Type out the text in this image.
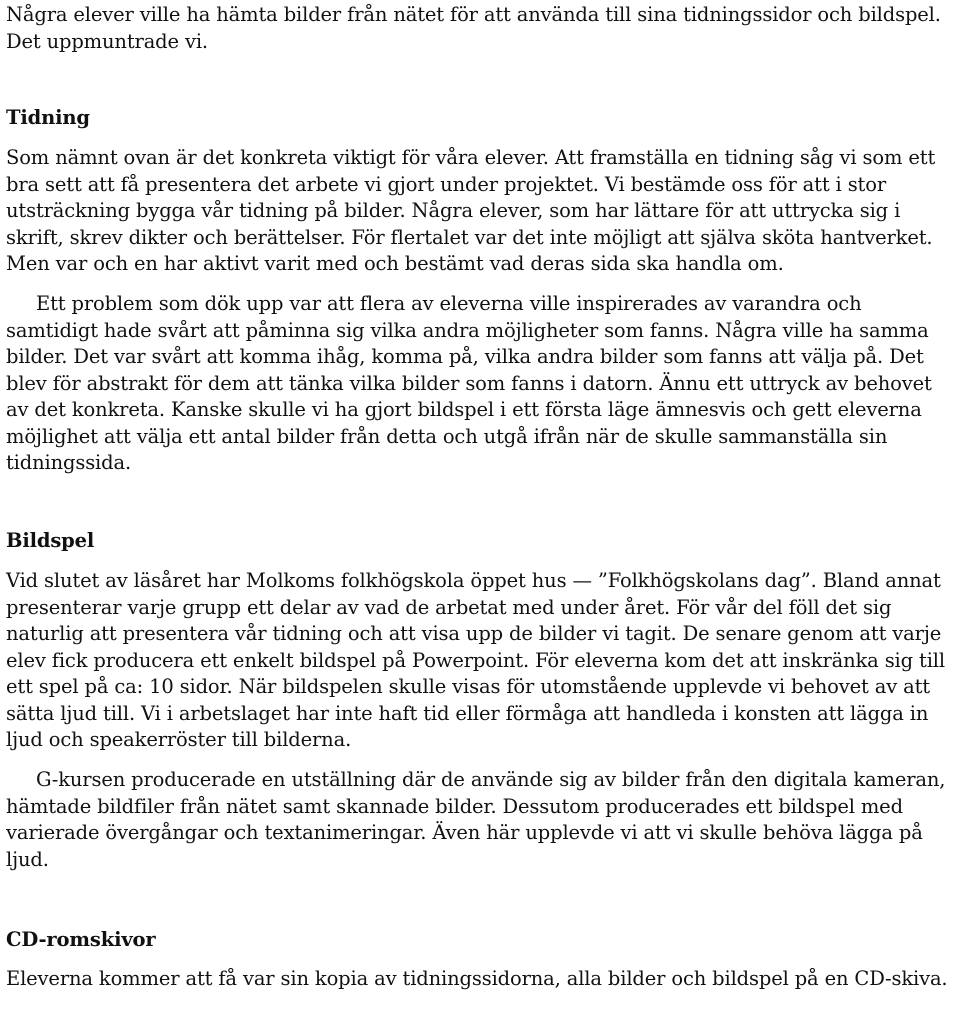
Några elever ville ha hämta bilder från nätet för att använda till sina tidningssidor och bildspel. Det uppmuntrade vi.

Tidning

Som nämnt ovan är det konkreta viktigt för våra elever. Att framställa en tidning såg vi som ett bra sett att få presentera det arbete vi gjort under projektet. Vi bestämde oss för att i stor utsträckning bygga vår tidning på bilder. Några elever, som har lättare för att uttrycka sig i skrift, skrev dikter och berättelser. För flertalet var det inte möjligt att själva sköta hantverket. Men var och en har aktivt varit med och bestämt vad deras sida ska handla om.

Ett problem som dök upp var att flera av eleverna ville inspirerades av varandra och samtidigt hade svårt att påminna sig vilka andra möjligheter som fanns. Några ville ha samma bilder. Det var svårt att komma ihåg, komma på, vilka andra bilder som fanns att välja på. Det blev för abstrakt för dem att tänka vilka bilder som fanns i datorn. Ännu ett uttryck av behovet av det konkreta. Kanske skulle vi ha gjort bildspel i ett första läge ämnesvis och gett eleverna möjlighet att välja ett antal bilder från detta och utgå ifrån när de skulle sammanställa sin tidningssida.

Bildspel

Vid slutet av läsåret har Molkoms folkhögskola öppet hus — ”Folkhögskolans dag”. Bland annat presenterar varje grupp ett delar av vad de arbetat med under året. För vår del föll det sig naturlig att presentera vår tidning och att visa upp de bilder vi tagit. De senare genom att varje elev fick producera ett enkelt bildspel på Powerpoint. För eleverna kom det att inskränka sig till ett spel på ca: 10 sidor. När bildspelen skulle visas för utomstående upplevde vi behovet av att sätta ljud till. Vi i arbetslaget har inte haft tid eller förmåga att handleda i konsten att lägga in ljud och speakerröster till bilderna.

G-kursen producerade en utställning där de använde sig av bilder från den digitala kameran, hämtade bildfiler från nätet samt skannade bilder. Dessutom producerades ett bildspel med varierade övergångar och textanimeringar. Även här upplevde vi att vi skulle behöva lägga på ljud.

CD-romskivor

Eleverna kommer att få var sin kopia av tidningssidorna, alla bilder och bildspel på en CD-skiva.
